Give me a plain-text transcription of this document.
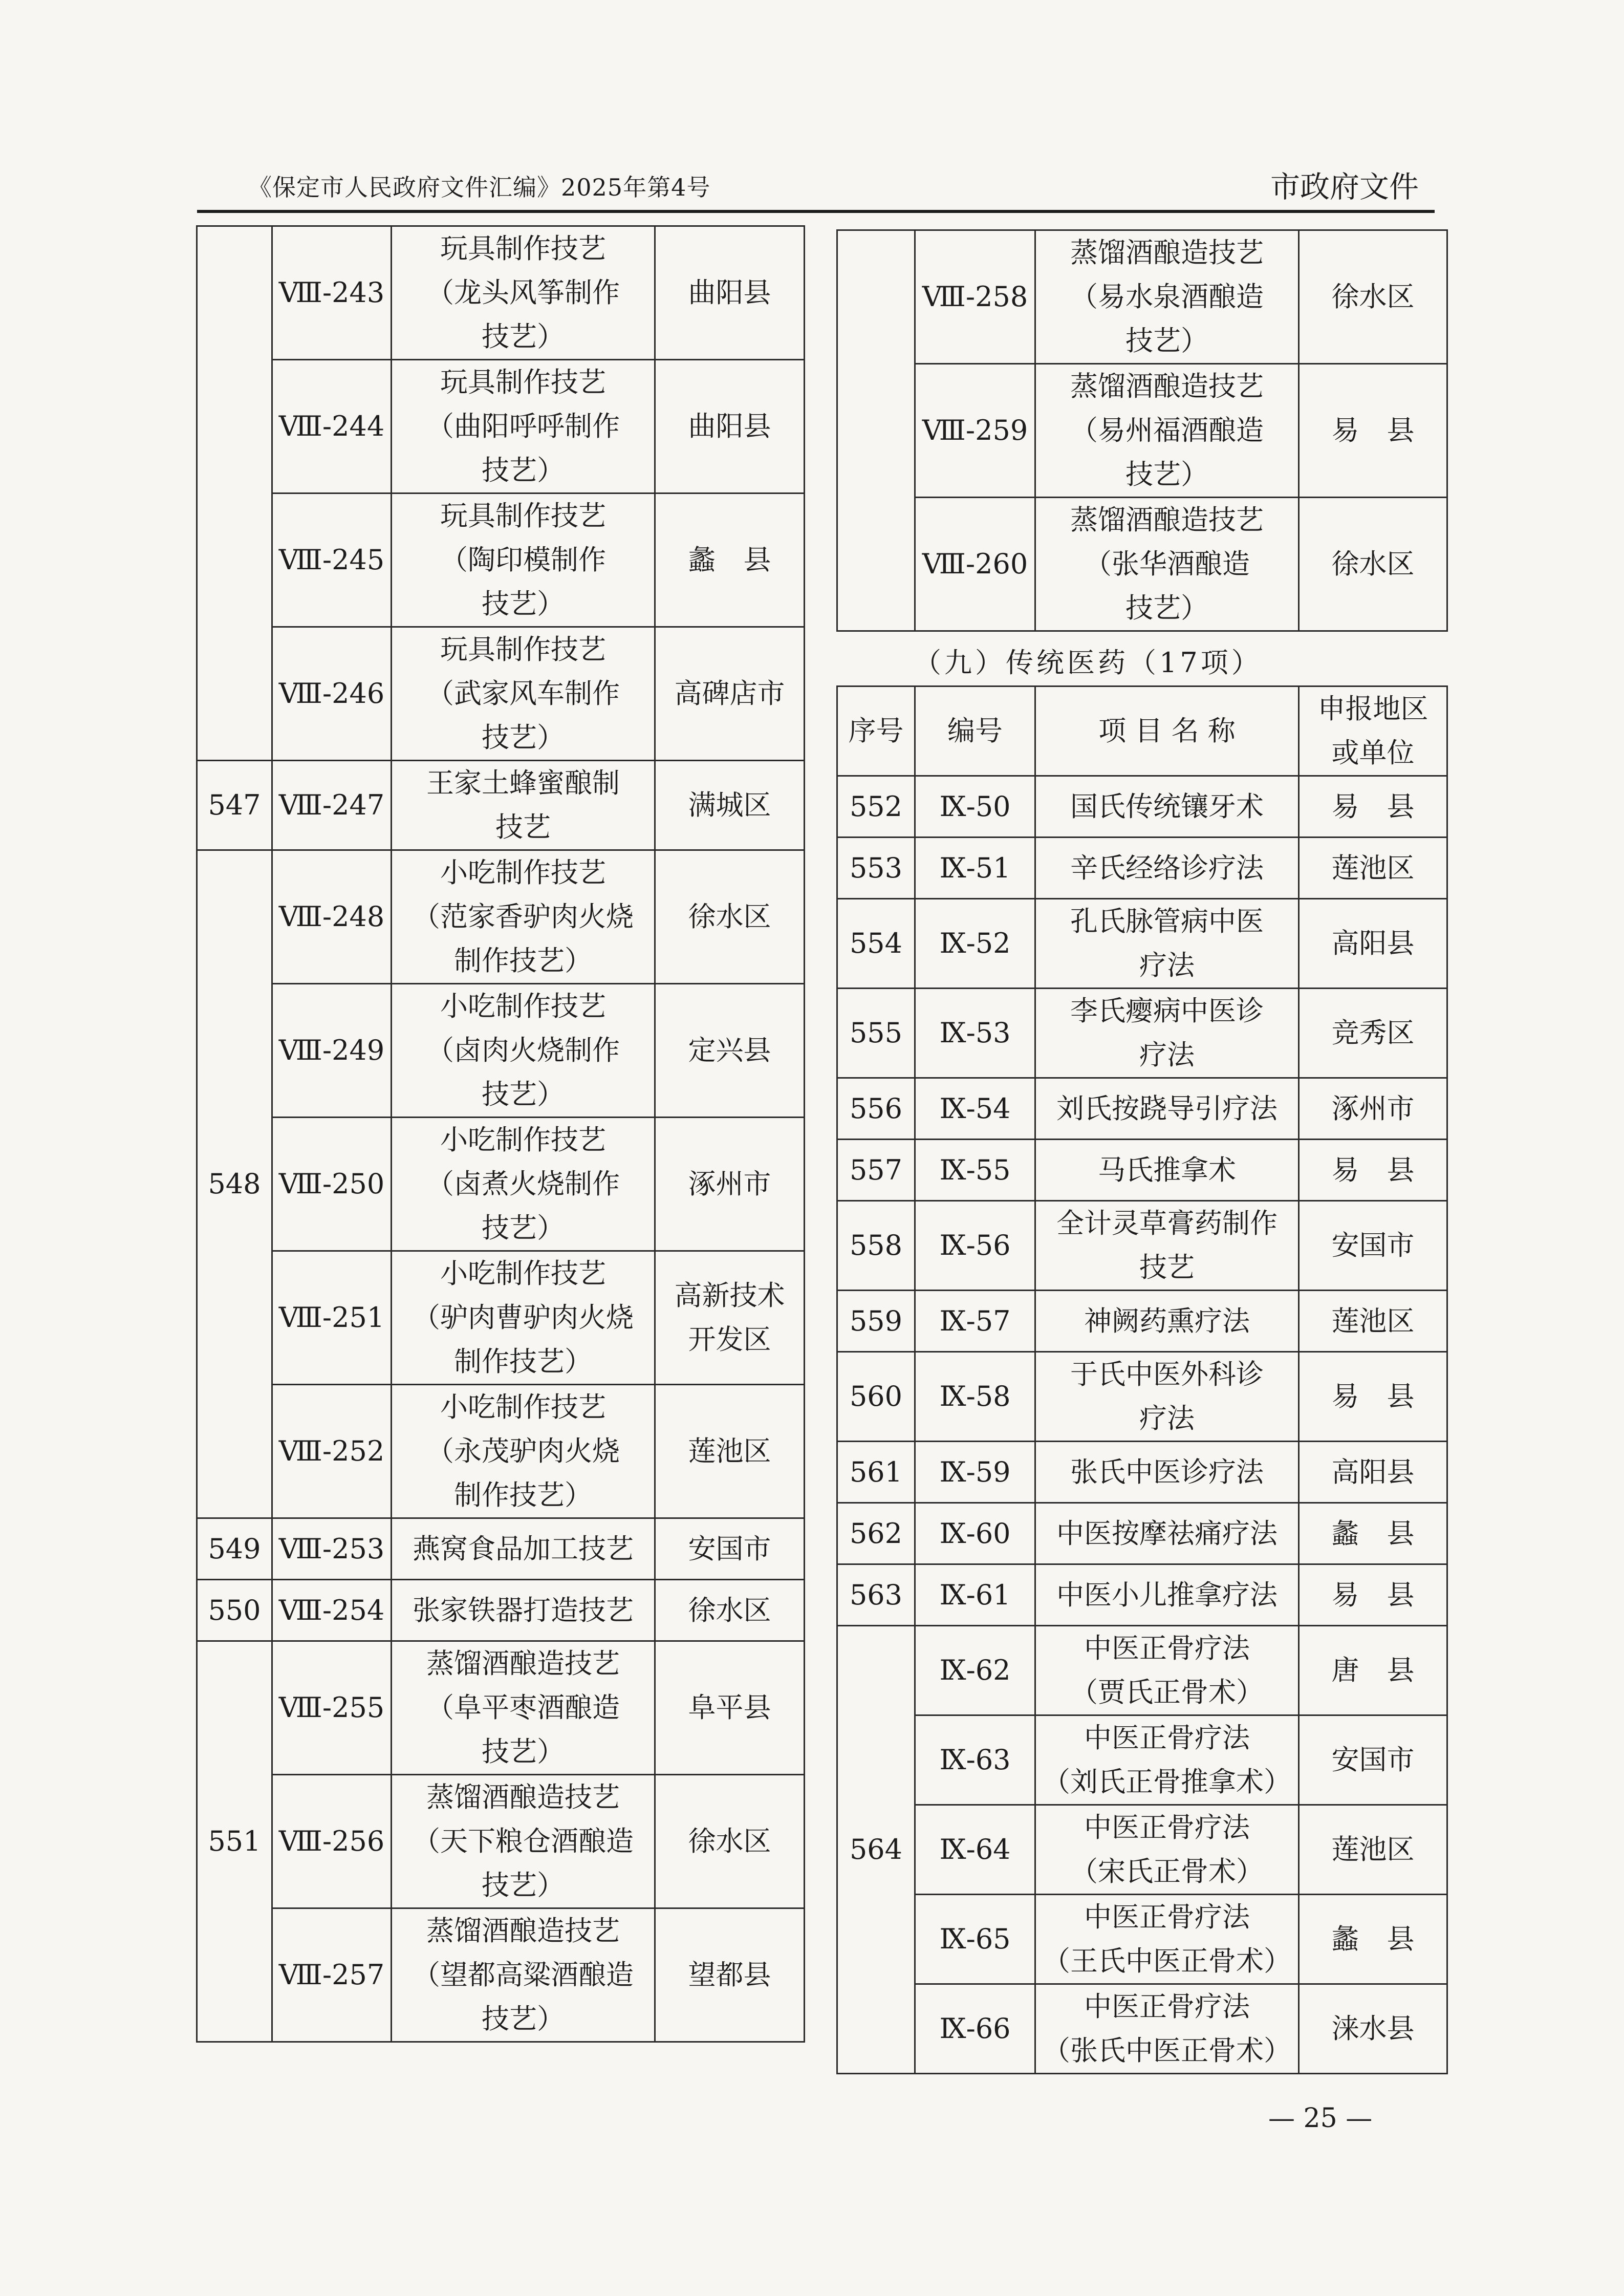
《保定市人民政府文件汇编》2025年第4号	市政府文件
	Ⅷ-243	玩具制作技艺
（龙头风筝制作
技艺）	曲阳县

	Ⅷ-244	玩具制作技艺
（曲阳呼呼制作
技艺）	曲阳县

	Ⅷ-245	玩具制作技艺
（陶印模制作
技艺）	蠡　县

	Ⅷ-246	玩具制作技艺
（武家风车制作
技艺）	高碑店市

547	Ⅷ-247	王家土蜂蜜酿制
技艺	满城区

548	Ⅷ-248	小吃制作技艺
（范家香驴肉火烧
制作技艺）	徐水区

	Ⅷ-249	小吃制作技艺
（卤肉火烧制作
技艺）	定兴县

	Ⅷ-250	小吃制作技艺
（卤煮火烧制作
技艺）	涿州市

	Ⅷ-251	小吃制作技艺
（驴肉曹驴肉火烧
制作技艺）	高新技术
开发区

	Ⅷ-252	小吃制作技艺
（永茂驴肉火烧
制作技艺）	莲池区

549	Ⅷ-253	燕窝食品加工技艺	安国市

550	Ⅷ-254	张家铁器打造技艺	徐水区

551	Ⅷ-255	蒸馏酒酿造技艺
（阜平枣酒酿造
技艺）	阜平县

	Ⅷ-256	蒸馏酒酿造技艺
（天下粮仓酒酿造
技艺）	徐水区

	Ⅷ-257	蒸馏酒酿造技艺
（望都高粱酒酿造
技艺）	望都县
	Ⅷ-258	蒸馏酒酿造技艺
（易水泉酒酿造
技艺）	徐水区

	Ⅷ-259	蒸馏酒酿造技艺
（易州福酒酿造
技艺）	易　县

	Ⅷ-260	蒸馏酒酿造技艺
（张华酒酿造
技艺）	徐水区
（九）传统医药（17项）
序号	编号	项 目 名 称	申报地区 或单位
552	Ⅸ-50	国氏传统镶牙术	易　县

553	Ⅸ-51	辛氏经络诊疗法	莲池区

554	Ⅸ-52	孔氏脉管病中医
疗法	高阳县

555	Ⅸ-53	李氏瘿病中医诊
疗法	竞秀区

556	Ⅸ-54	刘氏按跷导引疗法	涿州市

557	Ⅸ-55	马氏推拿术	易　县

558	Ⅸ-56	全计灵草膏药制作
技艺	安国市

559	Ⅸ-57	神阙药熏疗法	莲池区

560	Ⅸ-58	于氏中医外科诊
疗法	易　县

561	Ⅸ-59	张氏中医诊疗法	高阳县

562	Ⅸ-60	中医按摩祛痛疗法	蠡　县

563	Ⅸ-61	中医小儿推拿疗法	易　县

564	Ⅸ-62	中医正骨疗法
（贾氏正骨术）	唐　县

	Ⅸ-63	中医正骨疗法
（刘氏正骨推拿术）	安国市

	Ⅸ-64	中医正骨疗法
（宋氏正骨术）	莲池区

	Ⅸ-65	中医正骨疗法
（王氏中医正骨术）	蠡　县

	Ⅸ-66	中医正骨疗法
（张氏中医正骨术）	涞水县
— 25 —
